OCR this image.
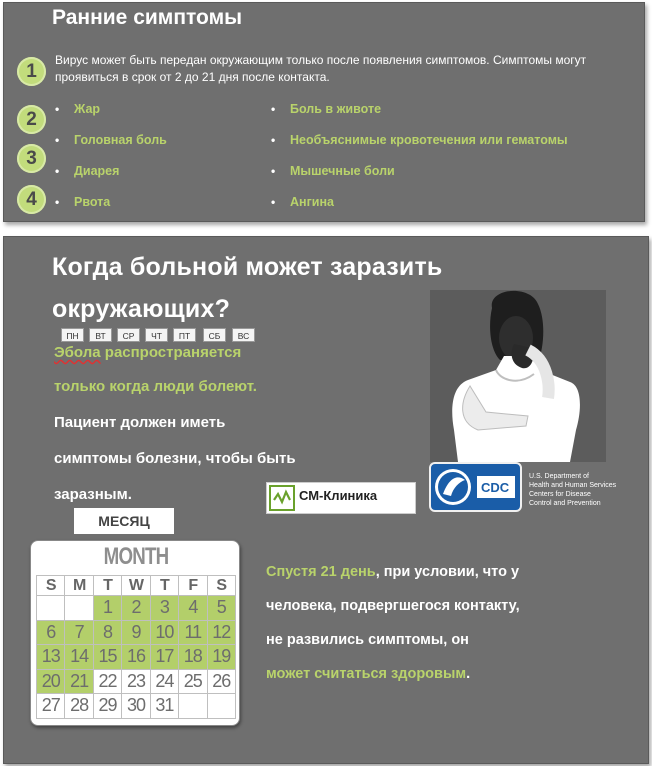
Ранние симптомы
Вирус может быть передан окружающим только после появления симптомов. Симптомы могут проявиться в срок от 2 до 21 дня после контакта.
1
2
3
4
• Жар
• Головная боль
• Диарея
• Рвота
• Боль в животе
• Необъяснимые кровотечения или гематомы
• Мышечные боли
• Ангина
Когда больной может заразить окружающих?
ПН	ВТ	СР	ЧТ	ПТ	СБ	ВС
Эбола распространяется
только когда люди болеют.
Пациент должен иметь
симптомы болезни, чтобы быть
заразным.	CDC
U.S. Department of
Health and Human Services
Centers for Disease
Control and Prevention
СМ-Клиника
МЕСЯЦ
MONTH
S	M	T	W	T	F	S
		1	2	3	4	5
6	7	8	9	10	11	12
13	14	15	16	17	18	19
20	21	22	23	24	25	26
27	28	29	30	31		
Спустя 21 день, при условии, что у
человека, подвергшегося контакту,
не развились симптомы, он
может считаться здоровым.
